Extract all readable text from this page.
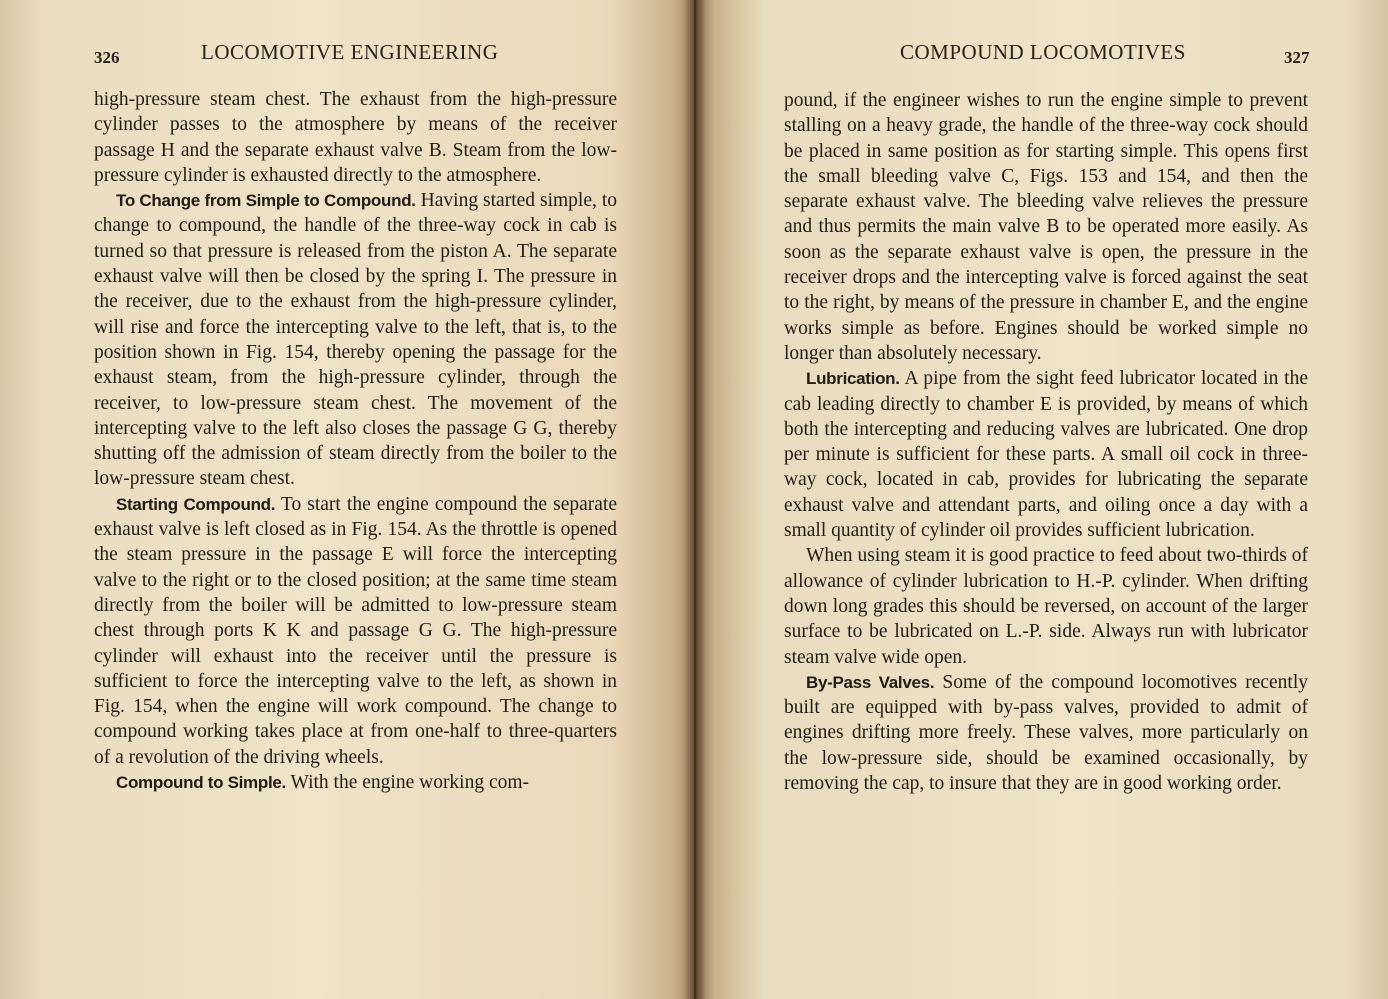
326	LOCOMOTIVE ENGINEERING

high-pressure steam chest. The exhaust from the high-pressure cylinder passes to the atmosphere by means of the receiver passage H and the separate exhaust valve B. Steam from the low-pressure cylinder is exhausted directly to the atmosphere.

To Change from Simple to Compound. Having started simple, to change to compound, the handle of the three-way cock in cab is turned so that pressure is released from the piston A. The separate exhaust valve will then be closed by the spring I. The pressure in the receiver, due to the exhaust from the high-pressure cylinder, will rise and force the intercepting valve to the left, that is, to the position shown in Fig. 154, thereby opening the passage for the exhaust steam, from the high-pressure cylinder, through the receiver, to low-pressure steam chest. The movement of the intercepting valve to the left also closes the passage G G, thereby shutting off the admission of steam directly from the boiler to the low-pressure steam chest.

Starting Compound. To start the engine compound the separate exhaust valve is left closed as in Fig. 154. As the throttle is opened the steam pressure in the passage E will force the intercepting valve to the right or to the closed position; at the same time steam directly from the boiler will be admitted to low-pressure steam chest through ports K K and passage G G. The high-pressure cylinder will exhaust into the receiver until the pressure is sufficient to force the intercepting valve to the left, as shown in Fig. 154, when the engine will work compound. The change to compound working takes place at from one-half to three-quarters of a revolution of the driving wheels.

Compound to Simple. With the engine working com-

COMPOUND LOCOMOTIVES	327

pound, if the engineer wishes to run the engine simple to prevent stalling on a heavy grade, the handle of the three-way cock should be placed in same position as for starting simple. This opens first the small bleeding valve C, Figs. 153 and 154, and then the separate exhaust valve. The bleeding valve relieves the pressure and thus permits the main valve B to be operated more easily. As soon as the separate exhaust valve is open, the pressure in the receiver drops and the intercepting valve is forced against the seat to the right, by means of the pressure in chamber E, and the engine works simple as before. Engines should be worked simple no longer than absolutely necessary.

Lubrication. A pipe from the sight feed lubricator located in the cab leading directly to chamber E is provided, by means of which both the intercepting and reducing valves are lubricated. One drop per minute is sufficient for these parts. A small oil cock in three-way cock, located in cab, provides for lubricating the separate exhaust valve and attendant parts, and oiling once a day with a small quantity of cylinder oil provides sufficient lubrication.

When using steam it is good practice to feed about two-thirds of allowance of cylinder lubrication to H.-P. cylinder. When drifting down long grades this should be reversed, on account of the larger surface to be lubricated on L.-P. side. Always run with lubricator steam valve wide open.

By-Pass Valves. Some of the compound locomotives recently built are equipped with by-pass valves, provided to admit of engines drifting more freely. These valves, more particularly on the low-pressure side, should be examined occasionally, by removing the cap, to insure that they are in good working order.
